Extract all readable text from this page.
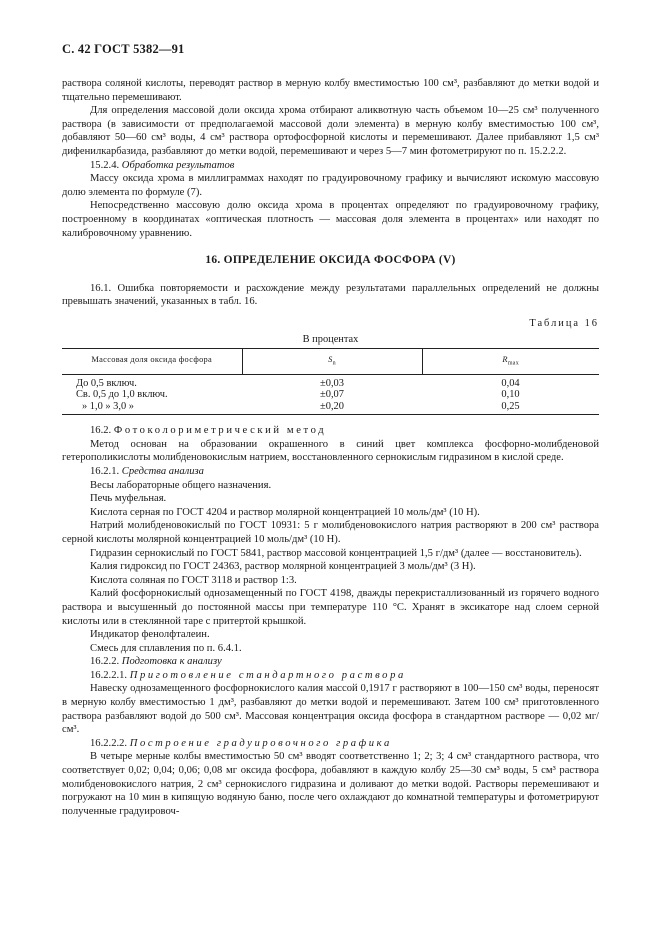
С. 42 ГОСТ 5382—91

раствора соляной кислоты, переводят раствор в мерную колбу вместимостью 100 см³, разбавляют до метки водой и тщательно перемешивают.

Для определения массовой доли оксида хрома отбирают аликвотную часть объемом 10—25 см³ полученного раствора (в зависимости от предполагаемой массовой доли элемента) в мерную колбу вместимостью 100 см³, добавляют 50—60 см³ воды, 4 см³ раствора ортофосфорной кислоты и перемешивают. Далее прибавляют 1,5 см³ дифенилкарбазида, разбавляют до метки водой, перемешивают и через 5—7 мин фотометрируют по п. 15.2.2.2.

15.2.4. Обработка результатов

Массу оксида хрома в миллиграммах находят по градуировочному графику и вычисляют искомую массовую долю элемента по формуле (7).

Непосредственно массовую долю оксида хрома в процентах определяют по градуировочному графику, построенному в координатах «оптическая плотность — массовая доля элемента в процентах» или находят по калибровочному уравнению.

16. ОПРЕДЕЛЕНИЕ ОКСИДА ФОСФОРА (V)

16.1. Ошибка повторяемости и расхождение между результатами параллельных определений не должны превышать значений, указанных в табл. 16.

Таблица 16
В процентах
Массовая доля оксида фосфора	$S_n$	$R_{max}$
До 0,5 включ.	±0,03	0,04
Св. 0,5 до 1,0 включ.	±0,07	0,10
» 1,0 » 3,0 »	±0,20	0,25

16.2. Фотоколориметрический метод

Метод основан на образовании окрашенного в синий цвет комплекса фосфорно-молибденовой гетерополикислоты молибденовокислым натрием, восстановленного сернокислым гидразином в кислой среде.

16.2.1. Средства анализа

Весы лабораторные общего назначения.

Печь муфельная.

Кислота серная по ГОСТ 4204 и раствор молярной концентрацией 10 моль/дм³ (10 Н).

Натрий молибденовокислый по ГОСТ 10931: 5 г молибденовокислого натрия растворяют в 200 см³ раствора серной кислоты молярной концентрацией 10 моль/дм³ (10 Н).

Гидразин сернокислый по ГОСТ 5841, раствор массовой концентрацией 1,5 г/дм³ (далее — восстановитель).

Калия гидроксид по ГОСТ 24363, раствор молярной концентрацией 3 моль/дм³ (3 Н).

Кислота соляная по ГОСТ 3118 и раствор 1:3.

Калий фосфорнокислый однозамещенный по ГОСТ 4198, дважды перекристаллизованный из горячего водного раствора и высушенный до постоянной массы при температуре 110 °С. Хранят в эксикаторе над слоем серной кислоты или в стеклянной таре с притертой крышкой.

Индикатор фенолфталеин.

Смесь для сплавления по п. 6.4.1.

16.2.2. Подготовка к анализу

16.2.2.1. Приготовление стандартного раствора

Навеску однозамещенного фосфорнокислого калия массой 0,1917 г растворяют в 100—150 см³ воды, переносят в мерную колбу вместимостью 1 дм³, разбавляют до метки водой и перемешивают. Затем 100 см³ приготовленного раствора разбавляют водой до 500 см³. Массовая концентрация оксида фосфора в стандартном растворе — 0,02 мг/см³.

16.2.2.2. Построение градуировочного графика

В четыре мерные колбы вместимостью 50 см³ вводят соответственно 1; 2; 3; 4 см³ стандартного раствора, что соответствует 0,02; 0,04; 0,06; 0,08 мг оксида фосфора, добавляют в каждую колбу 25—30 см³ воды, 5 см³ раствора молибденовокислого натрия, 2 см³ сернокислого гидразина и доливают до метки водой. Растворы перемешивают и погружают на 10 мин в кипящую водяную баню, после чего охлаждают до комнатной температуры и фотометрируют полученные градуировоч-
